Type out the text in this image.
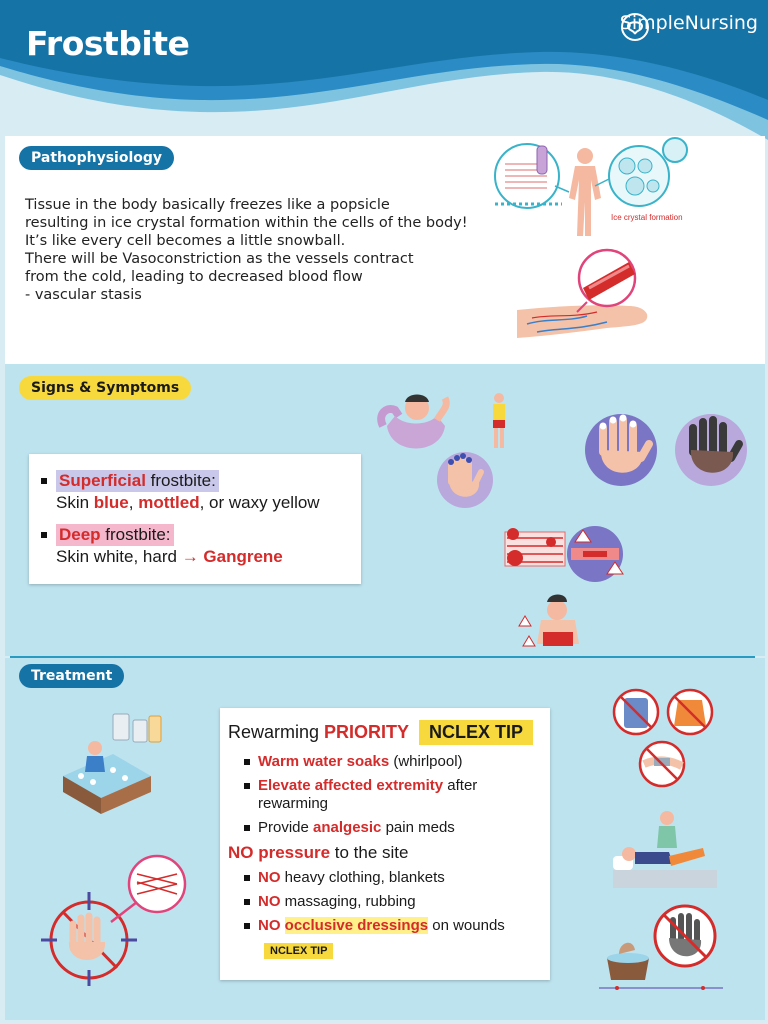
Frostbite
SimpleNursing
Pathophysiology
Tissue in the body basically freezes like a popsicle
resulting in ice crystal formation within the cells of the body!
It’s like every cell becomes a little snowball.
There will be Vasoconstriction as the vessels contract
from the cold, leading to decreased blood flow
- vascular stasis
Ice crystal formation
Signs & Symptoms
Superficial frostbite:
Skin blue, mottled, or waxy yellow
Deep frostbite:
Skin white, hard → Gangrene
Treatment
Rewarming PRIORITY	NCLEX TIP
Warm water soaks (whirlpool)
Elevate affected extremity after rewarming
Provide analgesic pain meds
NO pressure to the site
NO heavy clothing, blankets
NO massaging, rubbing
NO occlusive dressings on wounds
NCLEX TIP
